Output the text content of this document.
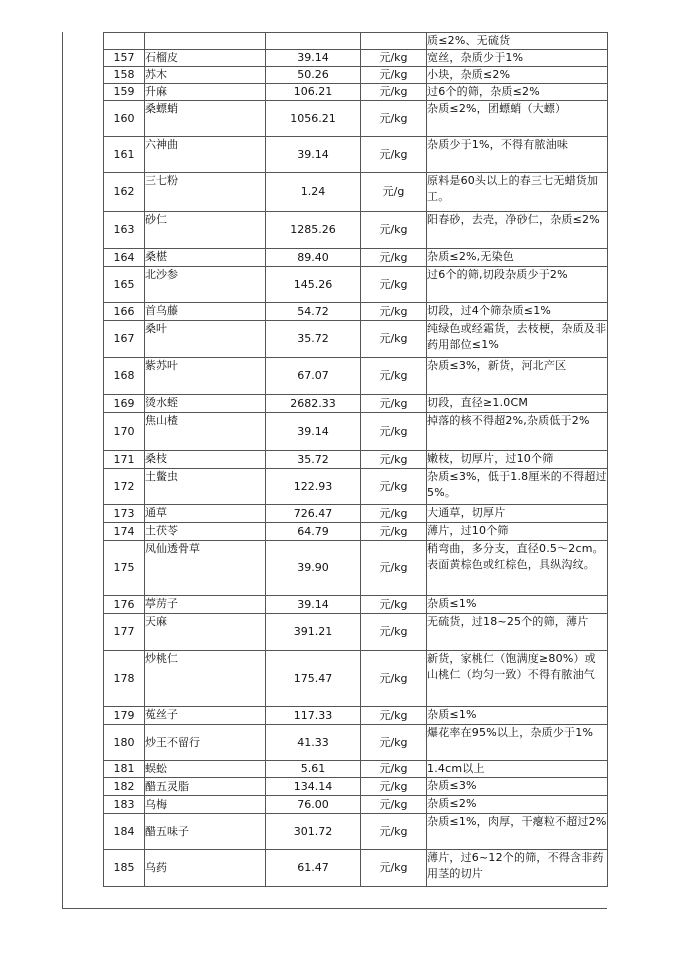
				质≤2%、无硫货
157	石榴皮	39.14	元/kg	宽丝，杂质少于1%
158	苏木	50.26	元/kg	小块，杂质≤2%
159	升麻	106.21	元/kg	过6个的筛，杂质≤2%
160	桑螵蛸	1056.21	元/kg	杂质≤2%，团螵蛸（大螵）
161	六神曲	39.14	元/kg	杂质少于1%，不得有脓油味
162	三七粉	1.24	元/g	原料是60头以上的春三七无蜡货加工。
163	砂仁	1285.26	元/kg	阳春砂，去壳，净砂仁，杂质≤2%
164	桑椹	89.40	元/kg	杂质≤2%,无染色
165	北沙参	145.26	元/kg	过6个的筛,切段杂质少于2%
166	首乌藤	54.72	元/kg	切段，过4个筛杂质≤1%
167	桑叶	35.72	元/kg	纯绿色或经霜货，去枝梗，杂质及非药用部位≤1%
168	紫苏叶	67.07	元/kg	杂质≤3%，新货，河北产区
169	烫水蛭	2682.33	元/kg	切段，直径≥1.0CM
170	焦山楂	39.14	元/kg	掉落的核不得超2%,杂质低于2%
171	桑枝	35.72	元/kg	嫩枝，切厚片，过10个筛
172	土鳖虫	122.93	元/kg	杂质≤3%，低于1.8厘米的不得超过5%。
173	通草	726.47	元/kg	大通草，切厚片
174	土茯苓	64.79	元/kg	薄片，过10个筛
175	凤仙透骨草	39.90	元/kg	稍弯曲，多分支，直径0.5～2cm。表面黄棕色或红棕色，具纵沟纹。
176	葶苈子	39.14	元/kg	杂质≤1%
177	天麻	391.21	元/kg	无硫货，过18~25个的筛，薄片
178	炒桃仁	175.47	元/kg	新货，家桃仁（饱满度≥80%）或山桃仁（均匀一致）不得有脓油气
179	菟丝子	117.33	元/kg	杂质≤1%
180	炒王不留行	41.33	元/kg	爆花率在95%以上，杂质少于1%
181	蜈蚣	5.61	元/kg	1.4cm以上
182	醋五灵脂	134.14	元/kg	杂质≤3%
183	乌梅	76.00	元/kg	杂质≤2%
184	醋五味子	301.72	元/kg	杂质≤1%，肉厚，干瘪粒不超过2%
185	乌药	61.47	元/kg	薄片，过6~12个的筛，不得含非药用茎的切片
